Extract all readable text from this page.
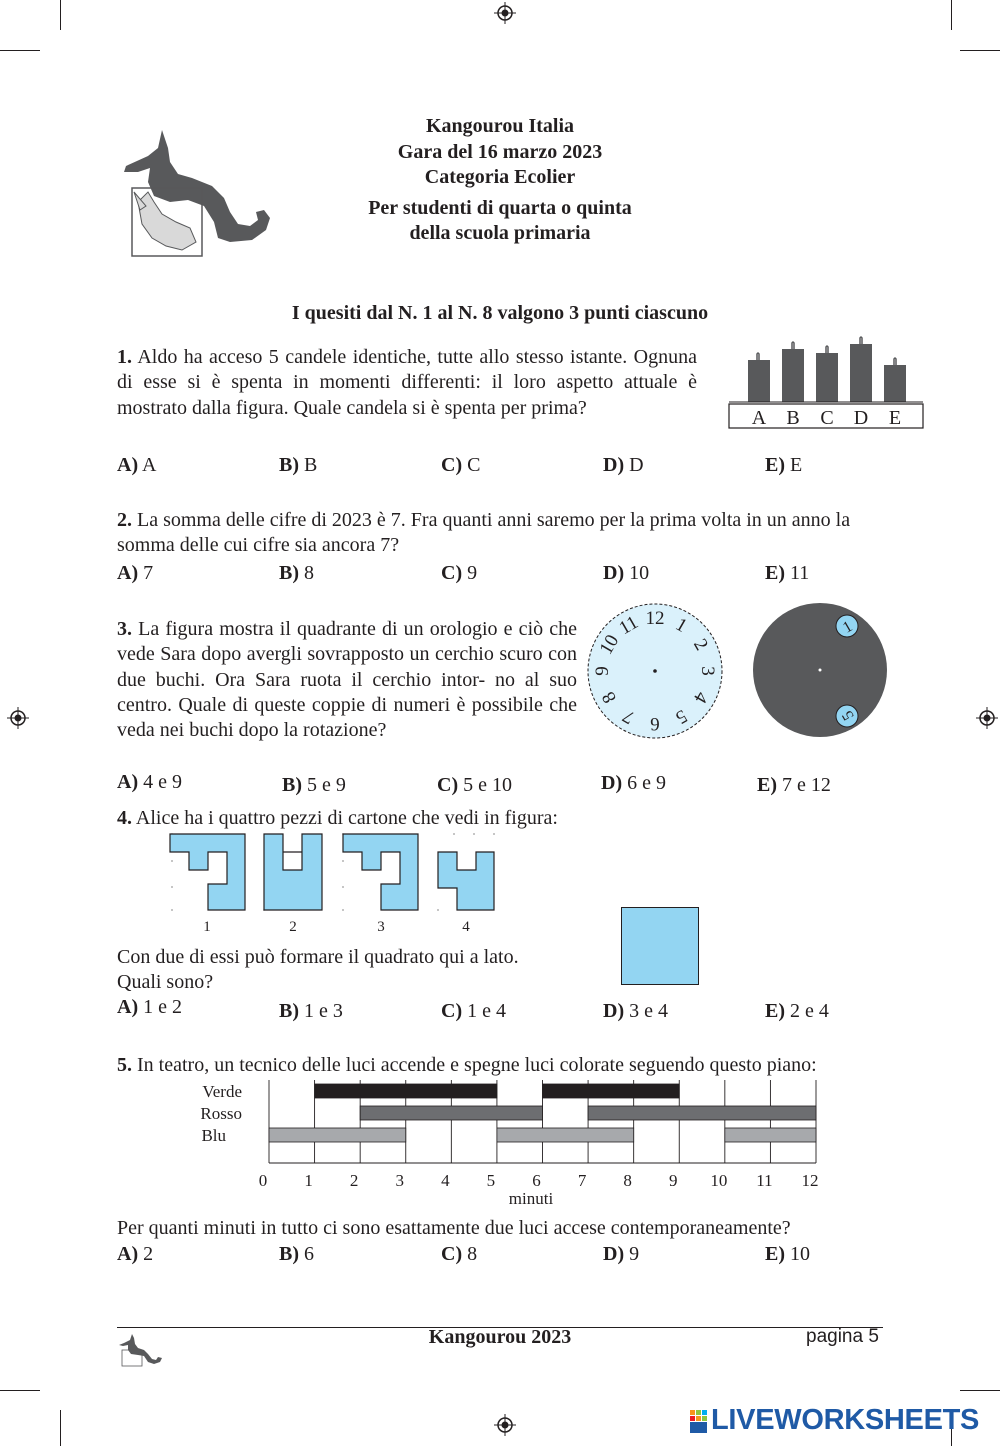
Kangourou Italia
Gara del 16 marzo 2023
Categoria Ecolier
Per studenti di quarta o quinta
della scuola primaria
I quesiti dal N. 1 al N. 8 valgono 3 punti ciascuno
1. Aldo ha acceso 5 candele identiche, tutte allo stesso istante. Ognuna di esse si è spenta in momenti differenti: il loro aspetto attuale è mostrato dalla figura. Quale candela si è spenta per prima?	A B C D E
A) A	B) B	C) C	D) D	E) E
2. La somma delle cifre di 2023 è 7. Fra quanti anni saremo per la prima volta in un anno la somma delle cui cifre sia ancora 7?
A) 7	B) 8	C) 9	D) 10	E) 11
3. La figura mostra il quadrante di un orologio e ciò che vede Sara dopo avergli sovrapposto un cerchio scuro con due buchi. Ora Sara ruota il cerchio intor- no al suo centro. Quale di queste coppie di numeri è possibile che veda nei buchi dopo la rotazione?
12 1
2
3
4
5
6
7
8
9
10
11	1
5
A) 4 e 9	B) 5 e 9	C) 5 e 10	D) 6 e 9	E) 7 e 12
4. Alice ha i quattro pezzi di cartone che vedi in figura:
1	2	3	4
Con due di essi può formare il quadrato qui a lato.
Quali sono?
A) 1 e 2	B) 1 e 3	C) 1 e 4	D) 3 e 4	E) 2 e 4
5. In teatro, un tecnico delle luci accende e spegne luci colorate seguendo questo piano:
Verde
Rosso
Blu
0 1 2 3 4 5 6 7 8 9 10 11 12
minuti
Per quanti minuti in tutto ci sono esattamente due luci accese contemporaneamente?
A) 2	B) 6	C) 8	D) 9	E) 10
Kangourou 2023	pagina 5
LIVEWORKSHEETS
